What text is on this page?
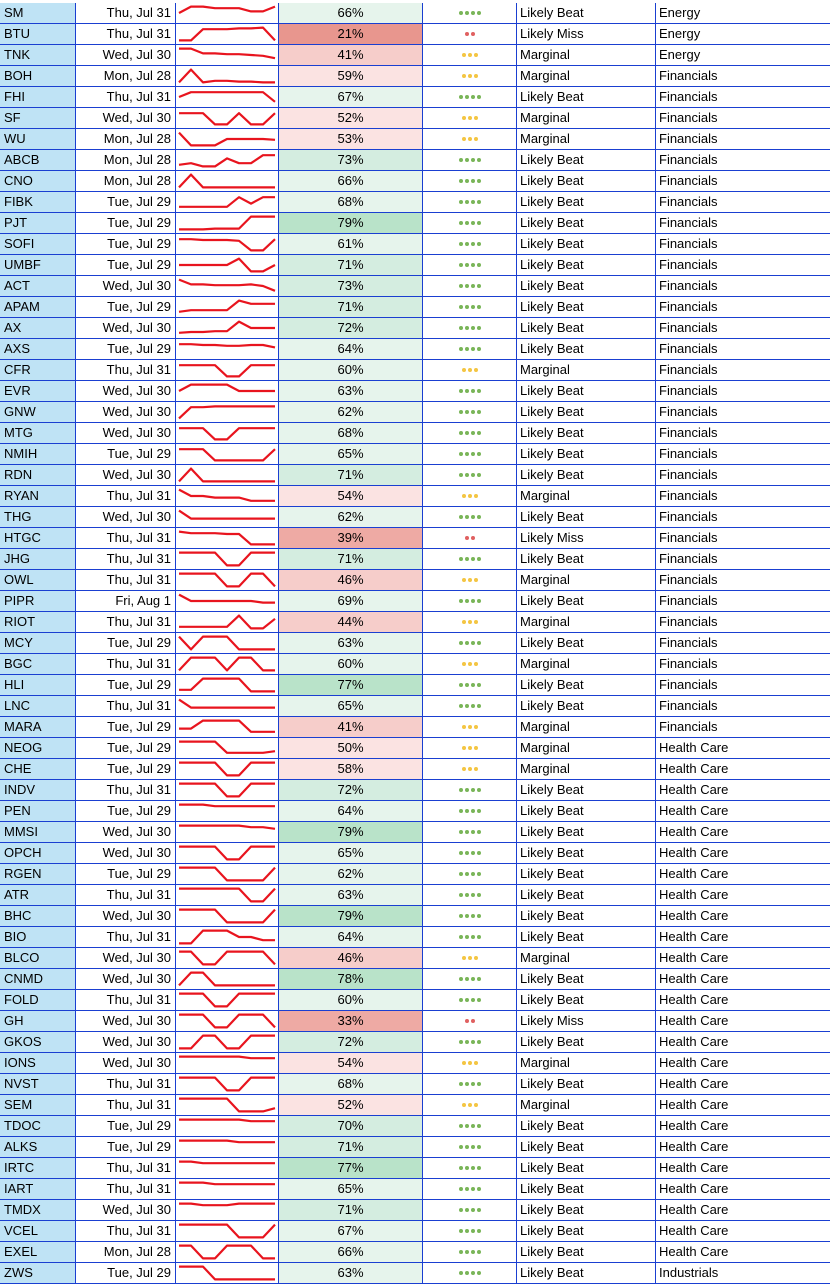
SM	Thu, Jul 31	66%	Likely Beat	Energy
BTU	Thu, Jul 31	21%	Likely Miss	Energy
TNK	Wed, Jul 30	41%	Marginal	Energy
BOH	Mon, Jul 28	59%	Marginal	Financials
FHI	Thu, Jul 31	67%	Likely Beat	Financials
SF	Wed, Jul 30	52%	Marginal	Financials
WU	Mon, Jul 28	53%	Marginal	Financials
ABCB	Mon, Jul 28	73%	Likely Beat	Financials
CNO	Mon, Jul 28	66%	Likely Beat	Financials
FIBK	Tue, Jul 29	68%	Likely Beat	Financials
PJT	Tue, Jul 29	79%	Likely Beat	Financials
SOFI	Tue, Jul 29	61%	Likely Beat	Financials
UMBF	Tue, Jul 29	71%	Likely Beat	Financials
ACT	Wed, Jul 30	73%	Likely Beat	Financials
APAM	Tue, Jul 29	71%	Likely Beat	Financials
AX	Wed, Jul 30	72%	Likely Beat	Financials
AXS	Tue, Jul 29	64%	Likely Beat	Financials
CFR	Thu, Jul 31	60%	Marginal	Financials
EVR	Wed, Jul 30	63%	Likely Beat	Financials
GNW	Wed, Jul 30	62%	Likely Beat	Financials
MTG	Wed, Jul 30	68%	Likely Beat	Financials
NMIH	Tue, Jul 29	65%	Likely Beat	Financials
RDN	Wed, Jul 30	71%	Likely Beat	Financials
RYAN	Thu, Jul 31	54%	Marginal	Financials
THG	Wed, Jul 30	62%	Likely Beat	Financials
HTGC	Thu, Jul 31	39%	Likely Miss	Financials
JHG	Thu, Jul 31	71%	Likely Beat	Financials
OWL	Thu, Jul 31	46%	Marginal	Financials
PIPR	Fri, Aug 1	69%	Likely Beat	Financials
RIOT	Thu, Jul 31	44%	Marginal	Financials
MCY	Tue, Jul 29	63%	Likely Beat	Financials
BGC	Thu, Jul 31	60%	Marginal	Financials
HLI	Tue, Jul 29	77%	Likely Beat	Financials
LNC	Thu, Jul 31	65%	Likely Beat	Financials
MARA	Tue, Jul 29	41%	Marginal	Financials
NEOG	Tue, Jul 29	50%	Marginal	Health Care
CHE	Tue, Jul 29	58%	Marginal	Health Care
INDV	Thu, Jul 31	72%	Likely Beat	Health Care
PEN	Tue, Jul 29	64%	Likely Beat	Health Care
MMSI	Wed, Jul 30	79%	Likely Beat	Health Care
OPCH	Wed, Jul 30	65%	Likely Beat	Health Care
RGEN	Tue, Jul 29	62%	Likely Beat	Health Care
ATR	Thu, Jul 31	63%	Likely Beat	Health Care
BHC	Wed, Jul 30	79%	Likely Beat	Health Care
BIO	Thu, Jul 31	64%	Likely Beat	Health Care
BLCO	Wed, Jul 30	46%	Marginal	Health Care
CNMD	Wed, Jul 30	78%	Likely Beat	Health Care
FOLD	Thu, Jul 31	60%	Likely Beat	Health Care
GH	Wed, Jul 30	33%	Likely Miss	Health Care
GKOS	Wed, Jul 30	72%	Likely Beat	Health Care
IONS	Wed, Jul 30	54%	Marginal	Health Care
NVST	Thu, Jul 31	68%	Likely Beat	Health Care
SEM	Thu, Jul 31	52%	Marginal	Health Care
TDOC	Tue, Jul 29	70%	Likely Beat	Health Care
ALKS	Tue, Jul 29	71%	Likely Beat	Health Care
IRTC	Thu, Jul 31	77%	Likely Beat	Health Care
IART	Thu, Jul 31	65%	Likely Beat	Health Care
TMDX	Wed, Jul 30	71%	Likely Beat	Health Care
VCEL	Thu, Jul 31	67%	Likely Beat	Health Care
EXEL	Mon, Jul 28	66%	Likely Beat	Health Care
ZWS	Tue, Jul 29	63%	Likely Beat	Industrials
